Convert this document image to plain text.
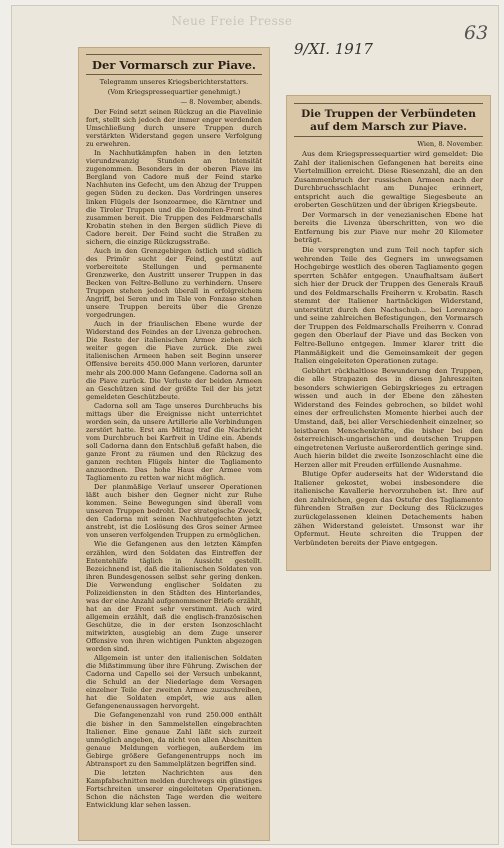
Neue Freie Presse
9/XI. 1917
63
Der Vormarsch zur Piave.
Telegramm unseres Kriegsberichterstatters.
(Vom Kriegspressequartier genehmigt.)
— 8. November, abends.

Der Feind setzt seinen Rückzug an die Piavelinie fort, stellt sich jedoch der immer enger werdenden Umschließung durch unsere Truppen durch verstärkten Widerstand gegen unsere Verfolgung zu erwehren.

In Nachhutkämpfen haben in den letzten vierundzwanzig Stunden an Intensität zugenommen. Besonders in der oberen Piave im Bergland von Cadore muß der Feind starke Nachhuten ins Gefecht, um den Abzug der Truppen gegen Süden zu decken. Das Vordringen unseres linken Flügels der Isonzoarmee, die Kärntner und die Tiroler Truppen und die Dolomiten-Front sind zusammen bereit. Die Truppen des Feldmarschalls Krobatin stehen in den Bergen südlich Pieve di Cadore bereit. Der Feind sucht die Straßen zu sichern, die einzige Rückzugsstraße.

Auch in den Grenzgebirgen östlich und südlich des Primör sucht der Feind, gestützt auf vorbereitete Stellungen und permanente Grenzwerke, den Austritt unserer Truppen in das Becken von Feltre-Belluno zu verhindern. Unsere Truppen stehen jedoch überall in erfolgreichem Angriff, bei Seren und im Tale von Fonzaso stehen unsere Truppen bereits über die Grenze vorgedrungen.

Auch in der friaulischen Ebene wurde der Widerstand des Feindes an der Livenza gebrochen. Die Reste der italienischen Armee ziehen sich weiter gegen die Piave zurück. Die zwei italienischen Armeen haben seit Beginn unserer Offensive bereits 450.000 Mann verloren, darunter mehr als 200.000 Mann Gefangene. Cadorna soll an die Piave zurück. Die Verluste der beiden Armeen an Geschützen sind der größte Teil der bis jetzt gemeldeten Geschützbeute.

Cadorna soll am Tage unseres Durchbruchs bis mittags über die Ereignisse nicht unterrichtet worden sein, da unsere Artillerie alle Verbindungen zerstört hatte. Erst am Mittag traf die Nachricht vom Durchbruch bei Karfreit in Udine ein. Abends soll Cadorna dann den Entschluß gefaßt haben, die ganze Front zu räumen und den Rückzug des ganzen rechten Flügels hinter die Tagliamento anzuordnen. Das hohe Haus der Armee vom Tagliamento zu retten war nicht möglich.

Der planmäßige Verlauf unserer Operationen läßt auch bisher den Gegner nicht zur Ruhe kommen. Seine Bewegungen sind überall vom unseren Truppen bedroht. Der strategische Zweck, den Cadorna mit seinen Nachhutgefechten jetzt anstrebt, ist die Loslösung des Gros seiner Armee von unseren verfolgenden Truppen zu ermöglichen.

Wie die Gefangenen aus den letzten Kämpfen erzählen, wird den Soldaten das Eintreffen der Ententehilfe täglich in Aussicht gestellt. Bezeichnend ist, daß die italienischen Soldaten von ihren Bundesgenossen selbst sehr gering denken. Die Verwendung englischer Soldaten zu Polizeidiensten in den Städten des Hinterlandes, was der eine Anzahl aufgenommener Briefe erzählt, hat an der Front sehr verstimmt. Auch wird allgemein erzählt, daß die englisch-französischen Geschütze, die in der ersten Isonzoschlacht mitwirkten, ausgiebig an dem Zuge unserer Offensive von ihren wichtigen Punkten abgezogen worden sind.

Allgemein ist unter den italienischen Soldaten die Mißstimmung über ihre Führung. Zwischen der Cadorna und Capello sei der Versuch unbekannt, die Schuld an der Niederlage dem Versagen einzelner Teile der zweiten Armee zuzuschreiben, hat die Soldaten empört, wie aus allen Gefangenenaussagen hervorgeht.

Die Gefangenenzahl von rund 250.000 enthält die bisher in den Sammelstellen eingebrachten Italiener. Eine genaue Zahl läßt sich zurzeit unmöglich angeben, da nicht von allen Abschnitten genaue Meldungen vorliegen, außerdem im Gebirge größere Gefangenentrupps noch im Abtransport zu den Sammelplätzen begriffen sind.

Die letzten Nachrichten aus den Kampfabschnitten melden durchwegs ein günstiges Fortschreiten unserer eingeleiteten Operationen. Schon die nächsten Tage werden die weitere Entwicklung klar sehen lassen.

Die Truppen der Verbündeten auf dem Marsch zur Piave.
Wien, 8. November.

Aus dem Kriegspressequartier wird gemeldet: Die Zahl der italienischen Gefangenen hat bereits eine Viertelmillion erreicht. Diese Riesenzahl, die an den Zusammenbruch der russischen Armeen nach der Durchbruchsschlacht am Dunajec erinnert, entspricht auch die gewaltige Siegesbeute an eroberten Geschützen und der übrigen Kriegsbeute.

Der Vormarsch in der venezianischen Ebene hat bereits die Livenza überschritten, von wo die Entfernung bis zur Piave nur mehr 20 Kilometer beträgt.

Die versprengten und zum Teil noch tapfer sich wehrenden Teile des Gegners im unwegsamen Hochgebirge westlich des oberen Tagliamento gegen sperrten Schäfer entgegen. Unaufhaltsam äußert sich hier der Druck der Truppen des Generals Krauß und des Feldmarschalls Freiherrn v. Krobatin. Rasch stemmt der Italiener hartnäckigen Widerstand, unterstützt durch den Nachschub... bei Lorenzago und seine zahlreichen Befestigungen, den Vormarsch der Truppen des Feldmarschalls Freiherrn v. Conrad gegen den Oberlauf der Piave und das Becken von Feltre-Belluno entgegen. Immer klarer tritt die Planmäßigkeit und die Gemeinsamkeit der gegen Italien eingeleiteten Operationen zutage.

Gebührt rückhaltlose Bewunderung den Truppen, die alle Strapazen des in diesen Jahreszeiten besonders schwierigen Gebirgskrieges zu ertragen wissen und auch in der Ebene den zähesten Widerstand des Feindes gebrochen, so bildet wohl eines der erfreulichsten Momente hierbei auch der Umstand, daß, bei aller Verschiedenheit einzelner, so leistbaren Menschenkräfte, die bisher bei den österreichisch-ungarischen und deutschen Truppen eingetretenen Verluste außerordentlich geringe sind. Auch hierin bildet die zweite Isonzoschlacht eine die Herzen aller mit Freuden erfüllende Ausnahme.

Blutige Opfer auderseits hat der Widerstand die Italiener gekostet, wobei insbesondere die italienische Kavallerie hervorzuheben ist. Ihre auf den zahlreichen, gegen das Ostufer des Tagliamento führenden Straßen zur Deckung des Rückzuges zurückgelassenen kleinen Detachements haben zähen Widerstand geleistet. Umsonst war ihr Opfermut. Heute schreiten die Truppen der Verbündeten bereits der Piave entgegen.
